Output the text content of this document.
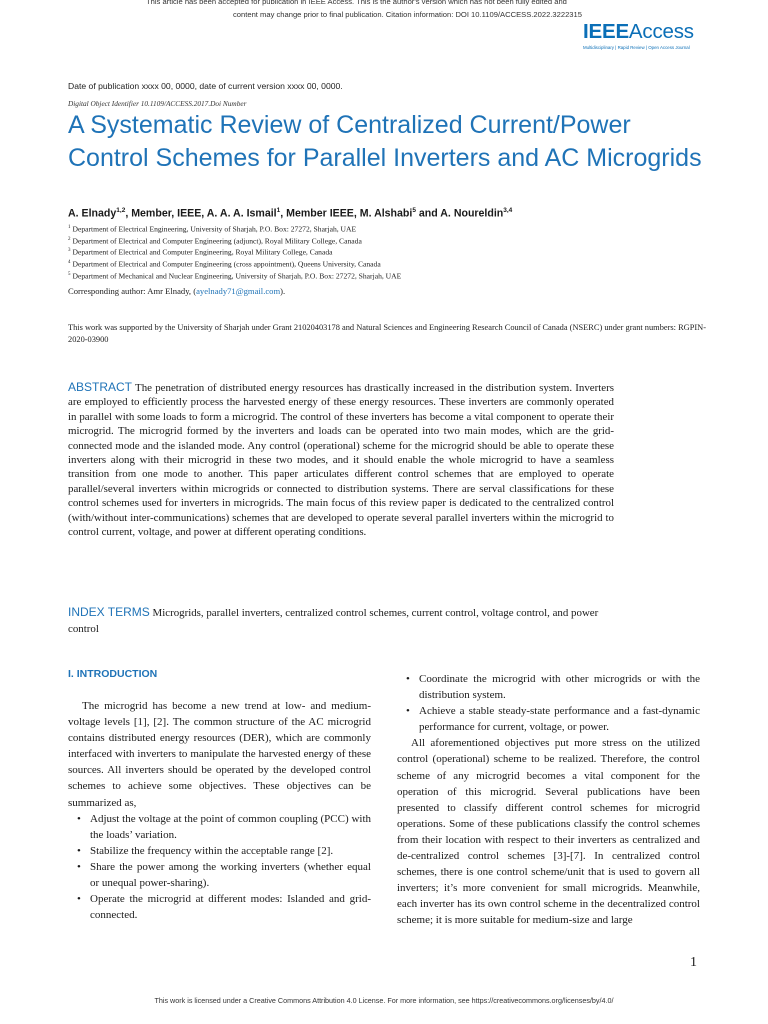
This article has been accepted for publication in IEEE Access. This is the author's version which has not been fully edited and
content may change prior to final publication. Citation information: DOI 10.1109/ACCESS.2022.3222315
IEEEAccess
Multidisciplinary | Rapid Review | Open Access Journal
Date of publication xxxx 00, 0000, date of current version xxxx 00, 0000.
Digital Object Identifier 10.1109/ACCESS.2017.Doi Number
A Systematic Review of Centralized Current/Power Control Schemes for Parallel Inverters and AC Microgrids
A. Elnady$^{1,2}$, Member, IEEE, A. A. A. Ismail$^1$, Member IEEE, M. Alshabi$^5$ and A. Noureldin$^{3,4}$
$^1$ Department of Electrical Engineering, University of Sharjah, P.O. Box: 27272, Sharjah, UAE
$^2$ Department of Electrical and Computer Engineering (adjunct), Royal Military College, Canada
$^3$ Department of Electrical and Computer Engineering, Royal Military College, Canada
$^4$ Department of Electrical and Computer Engineering (cross appointment), Queens University, Canada
$^5$ Department of Mechanical and Nuclear Engineering, University of Sharjah, P.O. Box: 27272, Sharjah, UAE
Corresponding author: Amr Elnady, (ayelnady71@gmail.com).
This work was supported by the University of Sharjah under Grant 21020403178 and Natural Sciences and Engineering Research Council of Canada (NSERC) under grant numbers: RGPIN-2020-03900
ABSTRACT The penetration of distributed energy resources has drastically increased in the distribution system. Inverters are employed to efficiently process the harvested energy of these energy resources. These inverters are commonly operated in parallel with some loads to form a microgrid. The control of these inverters has become a vital component to operate their microgrid. The microgrid formed by the inverters and loads can be operated into two main modes, which are the grid-connected mode and the islanded mode. Any control (operational) scheme for the microgrid should be able to operate these inverters along with their microgrid in these two modes, and it should enable the whole microgrid to have a seamless transition from one mode to another. This paper articulates different control schemes that are employed to operate parallel/several inverters within microgrids or connected to distribution systems. There are serval classifications for these control schemes used for inverters in microgrids. The main focus of this review paper is dedicated to the centralized control (with/without inter-communications) schemes that are developed to operate several parallel inverters within the microgrid to control current, voltage, and power at different operating conditions.
INDEX TERMS Microgrids, parallel inverters, centralized control schemes, current control, voltage control, and power control
I. INTRODUCTION

The microgrid has become a new trend at low- and medium-voltage levels [1], [2]. The common structure of the AC microgrid contains distributed energy resources (DER), which are commonly interfaced with inverters to manipulate the harvested energy of these sources. All inverters should be operated by the developed control schemes to achieve some objectives. These objectives can be summarized as,

• Adjust the voltage at the point of common coupling (PCC) with the loads’ variation.
• Stabilize the frequency within the acceptable range [2].
• Share the power among the working inverters (whether equal or unequal power-sharing).
• Operate the microgrid at different modes: Islanded and grid-connected.
• Coordinate the microgrid with other microgrids or with the distribution system.
• Achieve a stable steady-state performance and a fast-dynamic performance for current, voltage, or power.

All aforementioned objectives put more stress on the utilized control (operational) scheme to be realized. Therefore, the control scheme of any microgrid becomes a vital component for the operation of this microgrid. Several publications have been presented to classify different control schemes for microgrid operations. Some of these publications classify the control schemes from their location with respect to their inverters as centralized and de-centralized control schemes [3]-[7]. In centralized control schemes, there is one control scheme/unit that is used to govern all inverters; it’s more convenient for small microgrids. Meanwhile, each inverter has its own control scheme in the decentralized control scheme; it is more suitable for medium-size and large

1
This work is licensed under a Creative Commons Attribution 4.0 License. For more information, see https://creativecommons.org/licenses/by/4.0/
